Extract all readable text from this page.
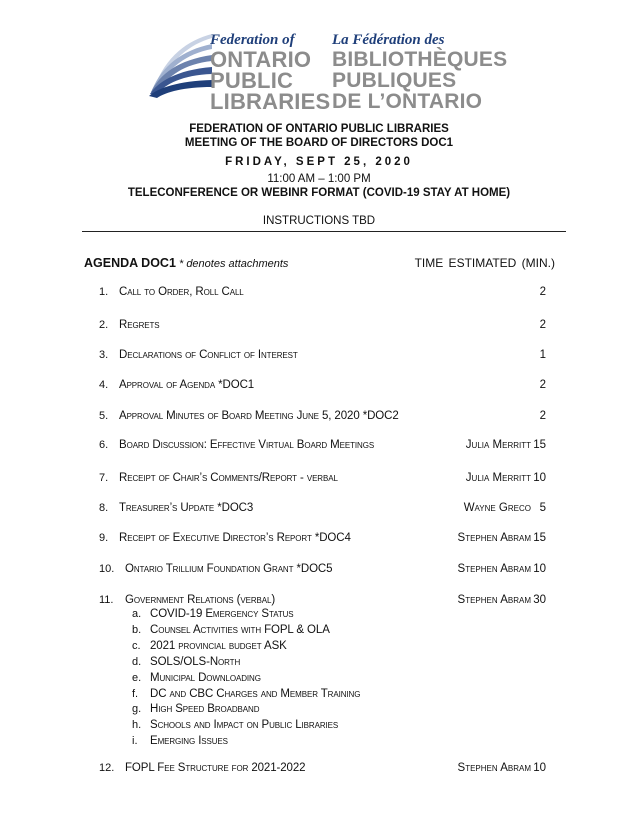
Federation of
ONTARIO
PUBLIC
LIBRARIES
La Fédération des
BIBLIOTHÈQUES
PUBLIQUES
DE L’ONTARIO
FEDERATION OF ONTARIO PUBLIC LIBRARIES
MEETING OF THE BOARD OF DIRECTORS DOC1
FRIDAY, SEPT 25, 2020
11:00 AM – 1:00 PM
TELECONFERENCE OR WEBINR FORMAT (COVID-19 STAY AT HOME)
INSTRUCTIONS TBD
AGENDA DOC1 * denotes attachments	TIME ESTIMATED (MIN.)
1. Call to Order, Roll Call	2
2. Regrets	2
3. Declarations of Conflict of Interest	1
4. Approval of Agenda *DOC1	2
5. Approval Minutes of Board Meeting June 5, 2020 *DOC2	2
6. Board Discussion: Effective Virtual Board Meetings	Julia Merritt 15
7. Receipt of Chair’s Comments/Report - verbal	Julia Merritt 10
8. Treasurer’s Update *DOC3	Wayne Greco 5
9. Receipt of Executive Director’s Report *DOC4	Stephen Abram 15
10. Ontario Trillium Foundation Grant *DOC5	Stephen Abram 10
11.	Government Relations (verbal)	Stephen Abram 30
12. FOPL Fee Structure for 2021-2022	Stephen Abram 10
a. COVID-19 Emergency Status
b. Counsel Activities with FOPL & OLA
c. 2021 provincial budget ASK
d. SOLS/OLS-North
e. Municipal Downloading
f.	DC and CBC Charges and Member Training
g. High Speed Broadband
h. Schools and Impact on Public Libraries
i.	Emerging Issues
